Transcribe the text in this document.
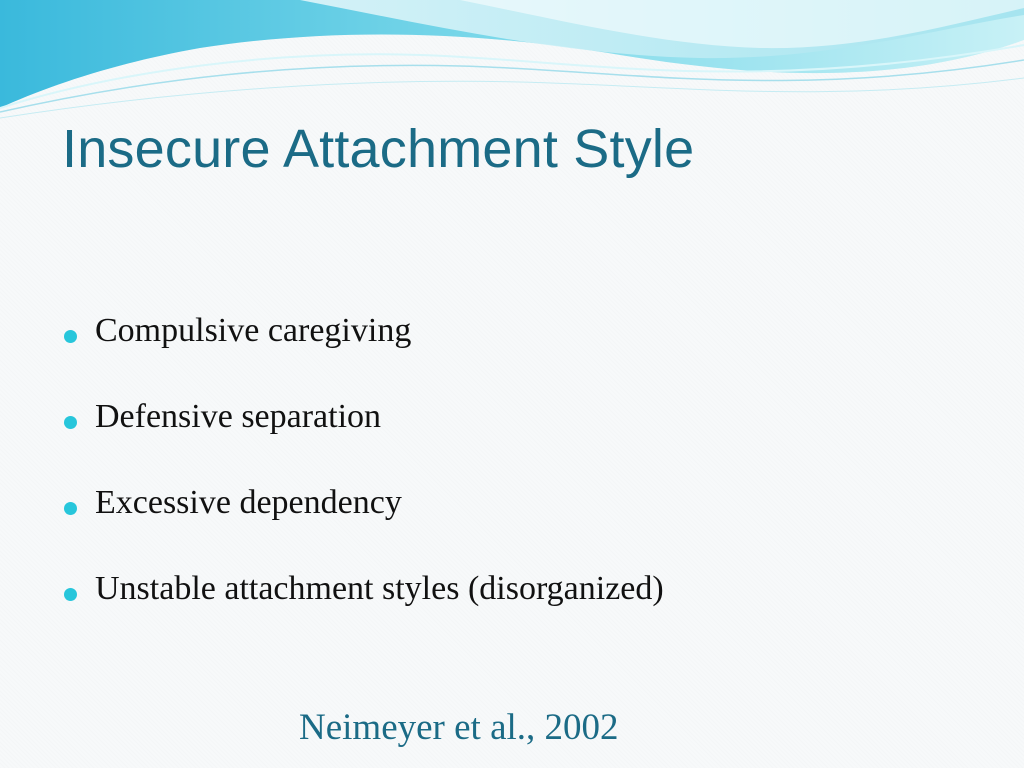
Insecure Attachment Style
Compulsive caregiving
Defensive separation
Excessive dependency
Unstable attachment styles (disorganized)
Neimeyer et al., 2002
